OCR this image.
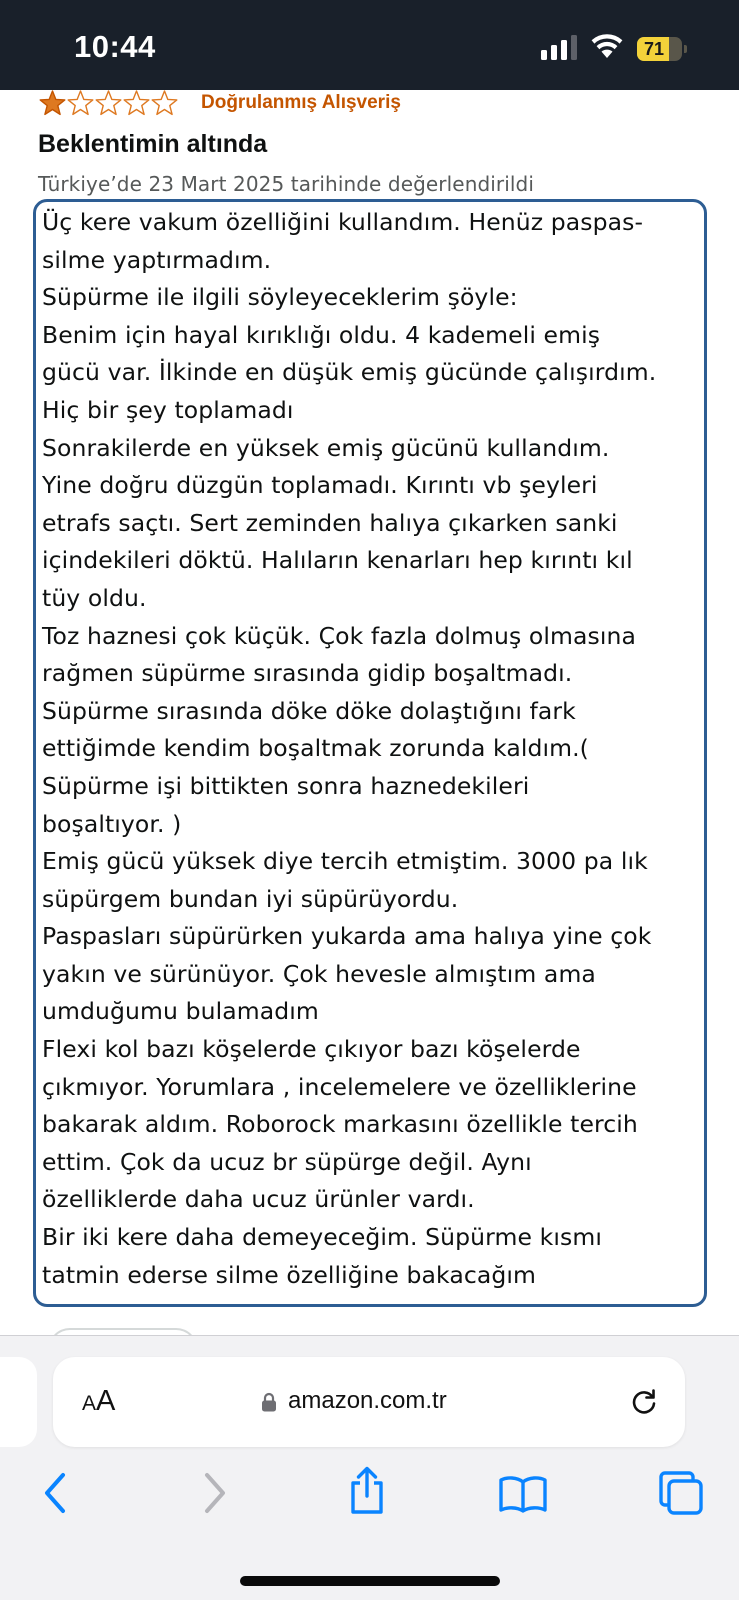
10:44	71
Doğrulanmış Alışveriş
Beklentimin altında
Türkiye’de 23 Mart 2025 tarihinde değerlendirildi
Üç kere vakum özelliğini kullandım. Henüz paspas-
silme yaptırmadım.
Süpürme ile ilgili söyleyeceklerim şöyle:
Benim için hayal kırıklığı oldu. 4 kademeli emiş
gücü var. İlkinde en düşük emiş gücünde çalışırdım.
Hiç bir şey toplamadı
Sonrakilerde en yüksek emiş gücünü kullandım.
Yine doğru düzgün toplamadı. Kırıntı vb şeyleri
etrafs saçtı. Sert zeminden halıya çıkarken sanki
içindekileri döktü. Halıların kenarları hep kırıntı kıl
tüy oldu.
Toz haznesi çok küçük. Çok fazla dolmuş olmasına
rağmen süpürme sırasında gidip boşaltmadı.
Süpürme sırasında döke döke dolaştığını fark
ettiğimde kendim boşaltmak zorunda kaldım.(
Süpürme işi bittikten sonra haznedekileri
boşaltıyor. )
Emiş gücü yüksek diye tercih etmiştim. 3000 pa lık
süpürgem bundan iyi süpürüyordu.
Paspasları süpürürken yukarda ama halıya yine çok
yakın ve sürünüyor. Çok hevesle almıştım ama
umduğumu bulamadım
Flexi kol bazı köşelerde çıkıyor bazı köşelerde
çıkmıyor. Yorumlara , incelemelere ve özelliklerine
bakarak aldım. Roborock markasını özellikle tercih
ettim. Çok da ucuz br süpürge değil. Aynı
özelliklerde daha ucuz ürünler vardı.
Bir iki kere daha demeyeceğim. Süpürme kısmı
tatmin ederse silme özelliğine bakacağım
AA	amazon.com.tr
